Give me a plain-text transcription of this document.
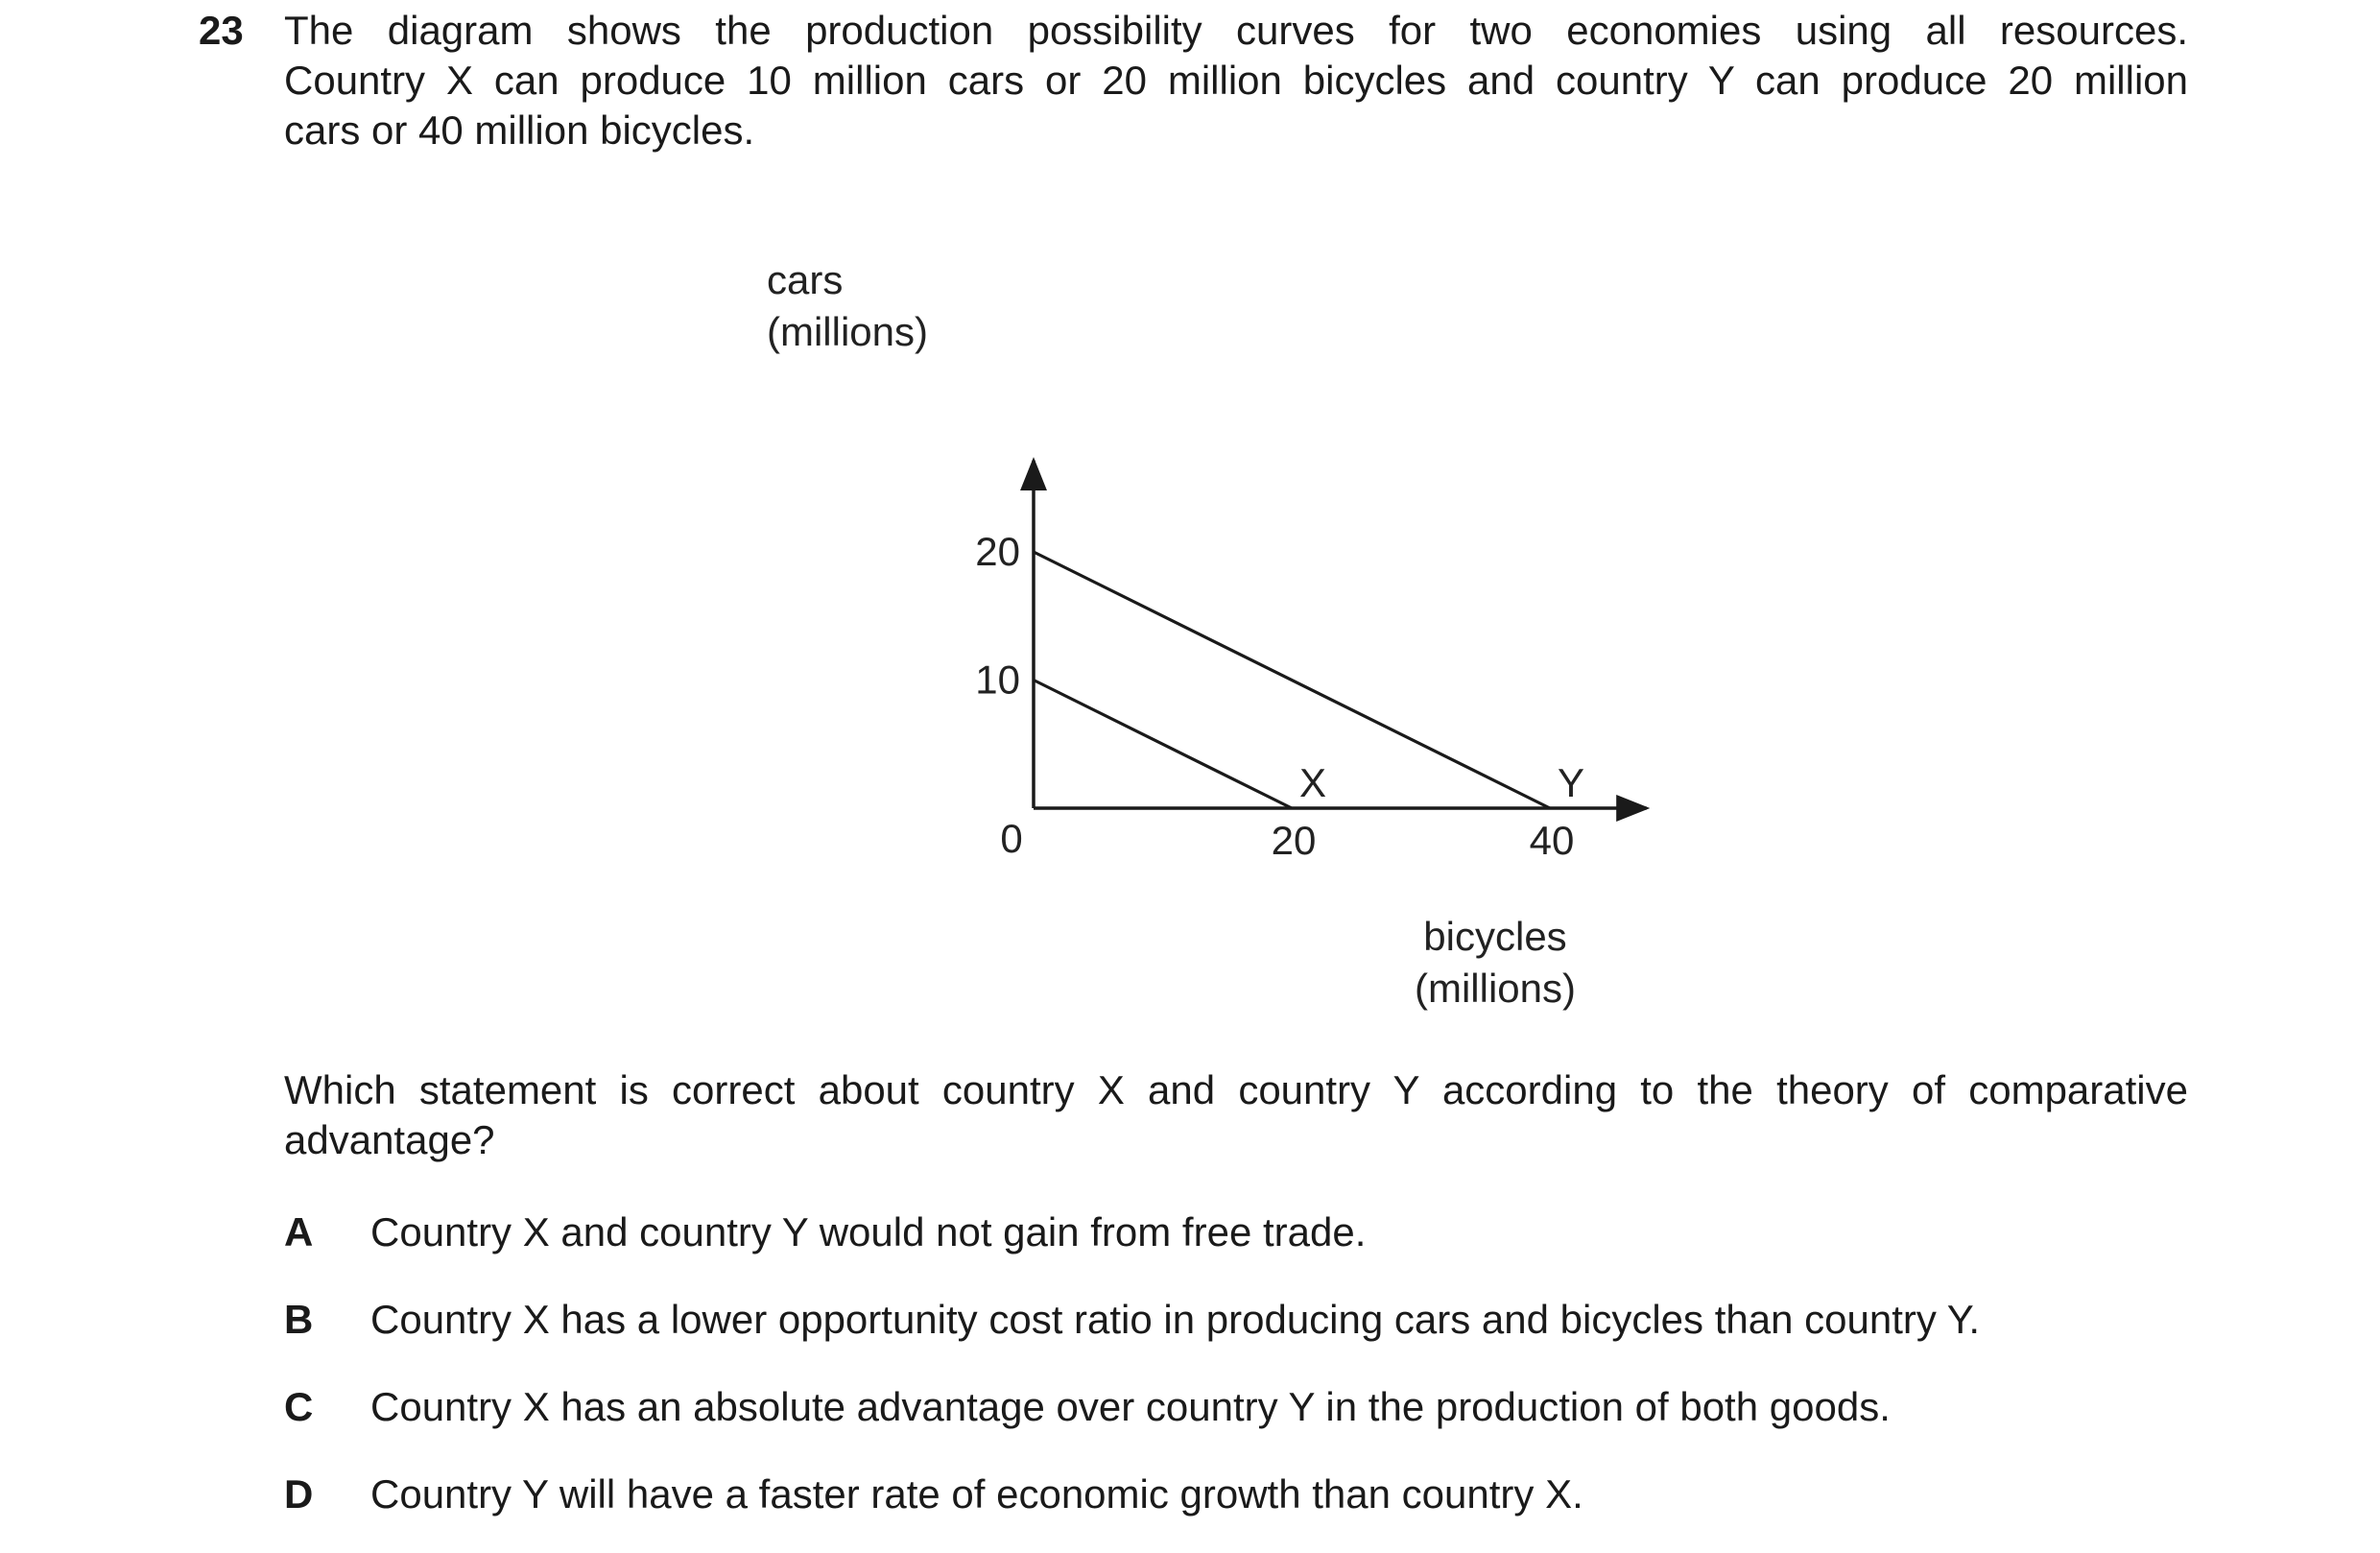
23 The diagram shows the production possibility curves for two economies using all resources.
Country X can produce 10 million cars or 20 million bicycles and country Y can produce 20 million
cars or 40 million bicycles.
X	Y
10
20
20	40
0
cars
(millions)
bicycles
(millions)
Which statement is correct about country X and country Y according to the theory of comparative
advantage?
A Country X and country Y would not gain from free trade.
B Country X has a lower opportunity cost ratio in producing cars and bicycles than country Y.
C Country X has an absolute advantage over country Y in the production of both goods.
D Country Y will have a faster rate of economic growth than country X.
